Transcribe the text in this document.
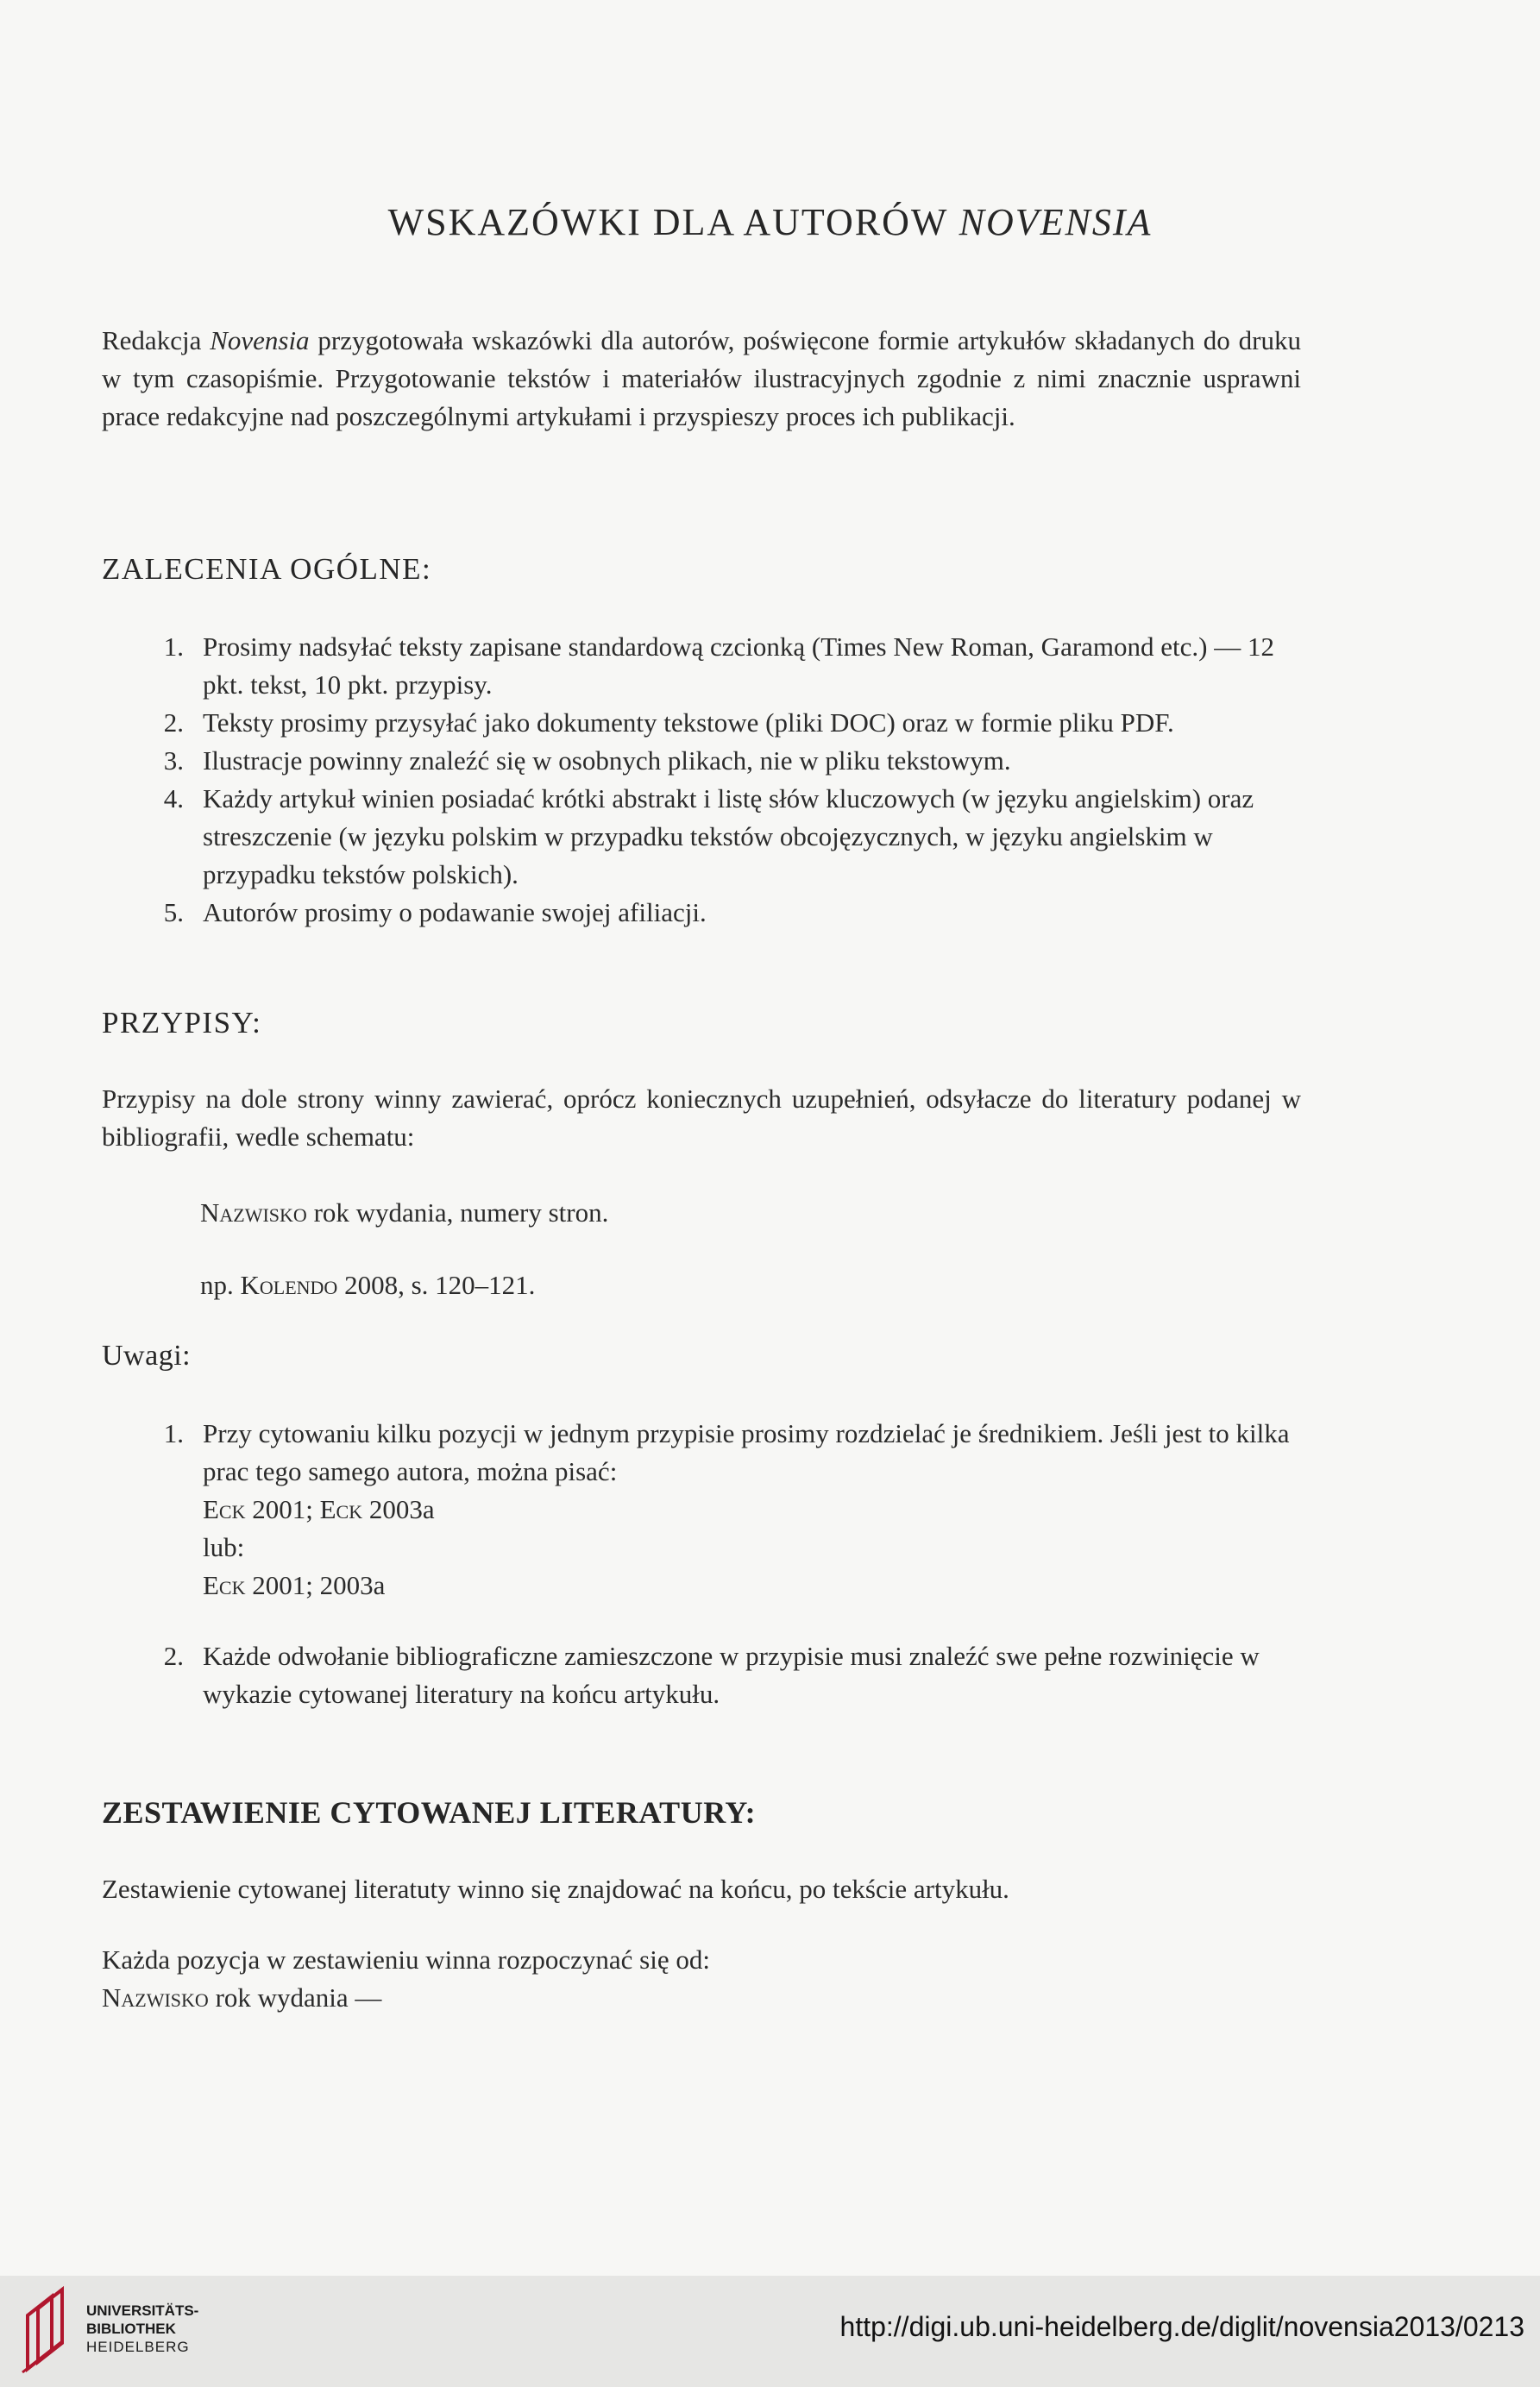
WSKAZÓWKI DLA AUTORÓW NOVENSIA

Redakcja Novensia przygotowała wskazówki dla autorów, poświęcone formie artykułów składanych do druku w tym czasopiśmie. Przygotowanie tekstów i materiałów ilustracyjnych zgodnie z nimi znacznie usprawni prace redakcyjne nad poszczególnymi artykułami i przyspieszy proces ich publikacji.

ZALECENIA OGÓLNE:
1. Prosimy nadsyłać teksty zapisane standardową czcionką (Times New Roman, Garamond etc.) — 12 pkt. tekst, 10 pkt. przypisy.
2. Teksty prosimy przysyłać jako dokumenty tekstowe (pliki DOC) oraz w formie pliku PDF.
3. Ilustracje powinny znaleźć się w osobnych plikach, nie w pliku tekstowym.
4. Każdy artykuł winien posiadać krótki abstrakt i listę słów kluczowych (w języku angielskim) oraz streszczenie (w języku polskim w przypadku tekstów obcojęzycznych, w języku angielskim w przypadku tekstów polskich).
5. Autorów prosimy o podawanie swojej afiliacji.
PRZYPISY:

Przypisy na dole strony winny zawierać, oprócz koniecznych uzupełnień, odsyłacze do literatury podanej w bibliografii, wedle schematu:

Nazwisko rok wydania, numery stron.

np. Kolendo 2008, s. 120–121.

Uwagi:
1. Przy cytowaniu kilku pozycji w jednym przypisie prosimy rozdzielać je średnikiem. Jeśli jest to kilka prac tego samego autora, można pisać:
Eck 2001; Eck 2003a
lub:
Eck 2001; 2003a
2. Każde odwołanie bibliograficzne zamieszczone w przypisie musi znaleźć swe pełne rozwinięcie w wykazie cytowanej literatury na końcu artykułu.
ZESTAWIENIE CYTOWANEJ LITERATURY:

Zestawienie cytowanej literatuty winno się znajdować na końcu, po tekście artykułu.

Każda pozycja w zestawieniu winna rozpoczynać się od:

Nazwisko rok wydania —

UNIVERSITÄTS-
BIBLIOTHEK
HEIDELBERG
http://digi.ub.uni-heidelberg.de/diglit/novensia2013/0213
